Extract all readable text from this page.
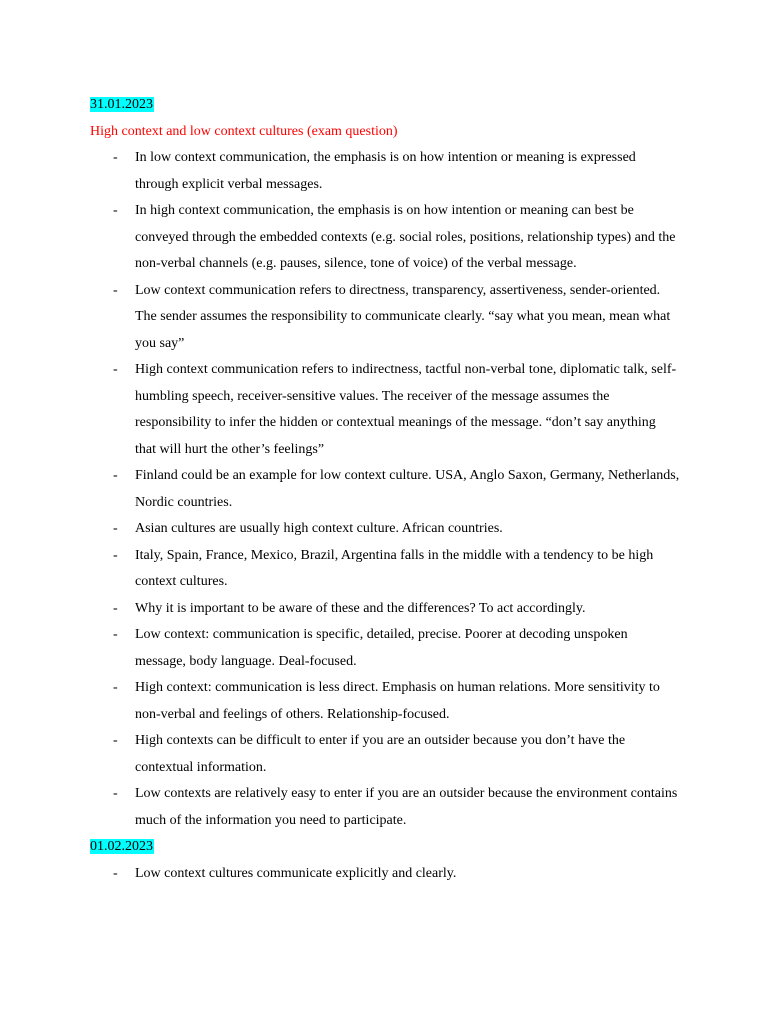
31.01.2023
High context and low context cultures (exam question)
- In low context communication, the emphasis is on how intention or meaning is expressed through explicit verbal messages.
- In high context communication, the emphasis is on how intention or meaning can best be conveyed through the embedded contexts (e.g. social roles, positions, relationship types) and the non-verbal channels (e.g. pauses, silence, tone of voice) of the verbal message.
- Low context communication refers to directness, transparency, assertiveness, sender-oriented. The sender assumes the responsibility to communicate clearly. “say what you mean, mean what you say”
- High context communication refers to indirectness, tactful non-verbal tone, diplomatic talk, self-humbling speech, receiver-sensitive values. The receiver of the message assumes the responsibility to infer the hidden or contextual meanings of the message. “don’t say anything that will hurt the other’s feelings”
- Finland could be an example for low context culture. USA, Anglo Saxon, Germany, Netherlands, Nordic countries.
- Asian cultures are usually high context culture. African countries.
- Italy, Spain, France, Mexico, Brazil, Argentina falls in the middle with a tendency to be high context cultures.
- Why it is important to be aware of these and the differences? To act accordingly.
- Low context: communication is specific, detailed, precise. Poorer at decoding unspoken message, body language. Deal-focused.
- High context: communication is less direct. Emphasis on human relations. More sensitivity to non-verbal and feelings of others. Relationship-focused.
- High contexts can be difficult to enter if you are an outsider because you don’t have the contextual information.
- Low contexts are relatively easy to enter if you are an outsider because the environment contains much of the information you need to participate.
01.02.2023
- Low context cultures communicate explicitly and clearly.
